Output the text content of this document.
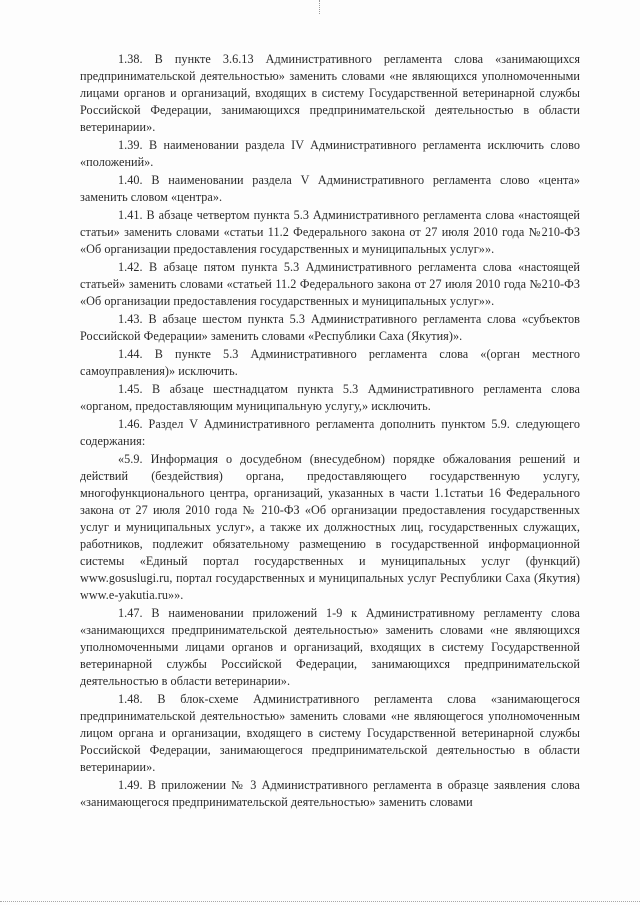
1.38. В пункте 3.6.13 Административного регламента слова «занимающихся предпринимательской деятельностью» заменить словами «не являющихся уполномоченными лицами органов и организаций, входящих в систему Государственной ветеринарной службы Российской Федерации, занимающихся предпринимательской деятельностью в области ветеринарии».

1.39. В наименовании раздела IV Административного регламента исключить слово «положений».

1.40. В наименовании раздела V Административного регламента слово «центa» заменить словом «центра».

1.41. В абзаце четвертом пункта 5.3 Административного регламента слова «настоящей статьи» заменить словами «статьи 11.2 Федерального закона от 27 июля 2010 года №210-ФЗ «Об организации предоставления государственных и муниципальных услуг»».

1.42. В абзаце пятом пункта 5.3 Административного регламента слова «настоящей статьей» заменить словами «статьей 11.2 Федерального закона от 27 июля 2010 года №210-ФЗ «Об организации предоставления государственных и муниципальных услуг»».

1.43. В абзаце шестом пункта 5.3 Административного регламента слова «субъектов Российской Федерации» заменить словами «Республики Саха (Якутия)».

1.44. В пункте 5.3 Административного регламента слова «(орган местного самоуправления)» исключить.

1.45. В абзаце шестнадцатом пункта 5.3 Административного регламента слова «органом, предоставляющим муниципальную услугу,» исключить.

1.46. Раздел V Административного регламента дополнить пунктом 5.9. следующего содержания:

«5.9. Информация о досудебном (внесудебном) порядке обжалования решений и действий (бездействия) органа, предоставляющего государственную услугу, многофункционального центра, организаций, указанных в части 1.1статьи 16 Федерального закона от 27 июля 2010 года № 210-ФЗ «Об организации предоставления государственных услуг и муниципальных услуг», а также их должностных лиц, государственных служащих, работников, подлежит обязательному размещению в государственной информационной системы «Единый портал государственных и муниципальных услуг (функций) www.gosuslugi.ru, портал государственных и муниципальных услуг Республики Саха (Якутия) www.e-yakutia.ru»».

1.47. В наименовании приложений 1-9 к Административному регламенту слова «занимающихся предпринимательской деятельностью» заменить словами «не являющихся уполномоченными лицами органов и организаций, входящих в систему Государственной ветеринарной службы Российской Федерации, занимающихся предпринимательской деятельностью в области ветеринарии».

1.48. В блок-схеме Административного регламента слова «занимающегося предпринимательской деятельностью» заменить словами «не являющегося уполномоченным лицом органа и организации, входящего в систему Государственной ветеринарной службы Российской Федерации, занимающегося предпринимательской деятельностью в области ветеринарии».

1.49. В приложении № 3 Административного регламента в образце заявления слова «занимающегося предпринимательской деятельностью» заменить словами
